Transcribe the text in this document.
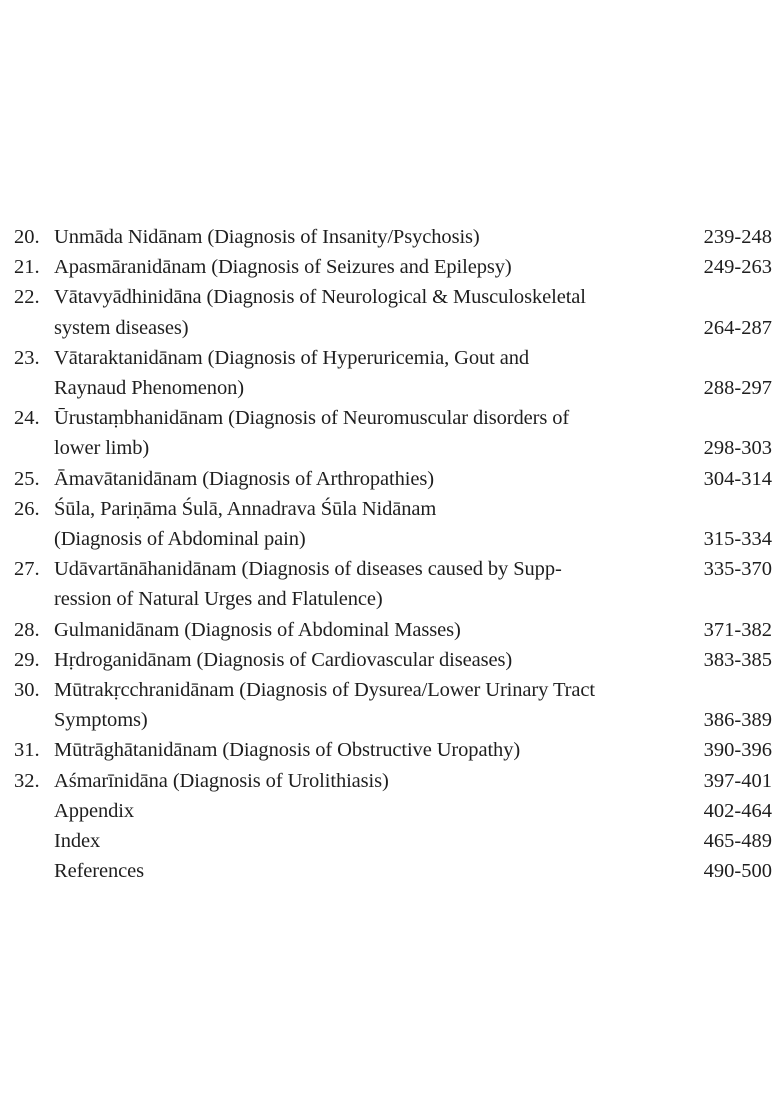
20. Unmāda Nidānam (Diagnosis of Insanity/Psychosis)	239-248
21. Apasmāranidānam (Diagnosis of Seizures and Epilepsy)	249-263
22. Vātavyādhinidāna (Diagnosis of Neurological & Musculoskeletal
system diseases)	264-287
23. Vātaraktanidānam (Diagnosis of Hyperuricemia, Gout and
Raynaud Phenomenon)	288-297
24. Ūrustaṃbhanidānam (Diagnosis of Neuromuscular disorders of
lower limb)	298-303
25. Āmavātanidānam (Diagnosis of Arthropathies)	304-314
26. Śūla, Pariṇāma Śulā, Annadrava Śūla Nidānam
(Diagnosis of Abdominal pain)	315-334
27. Udāvartānāhanidānam (Diagnosis of diseases caused by Supp-	335-370
ression of Natural Urges and Flatulence)
28. Gulmanidānam (Diagnosis of Abdominal Masses)	371-382
29. Hṛdroganidānam (Diagnosis of Cardiovascular diseases)	383-385
30. Mūtrakṛcchranidānam (Diagnosis of Dysurea/Lower Urinary Tract
Symptoms)	386-389
31. Mūtrāghātanidānam (Diagnosis of Obstructive Uropathy)	390-396
32. Aśmarīnidāna (Diagnosis of Urolithiasis)	397-401
Appendix	402-464
Index	465-489
References	490-500
